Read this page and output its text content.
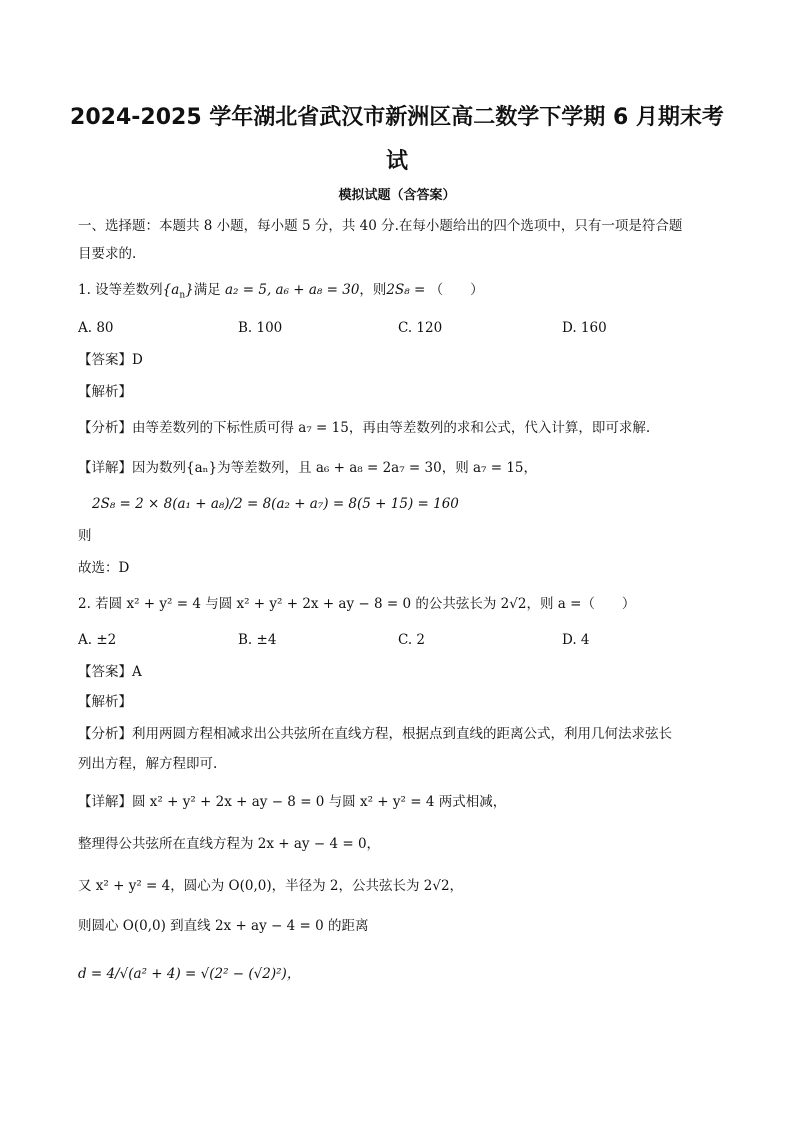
2024-2025 学年湖北省武汉市新洲区高二数学下学期 6 月期末考试
模拟试题（含答案）
一、选择题：本题共 8 小题，每小题 5 分，共 40 分.在每小题给出的四个选项中，只有一项是符合题
目要求的.
1. 设等差数列$\{a_n\}$满足 a₂ = 5, a₆ + a₈ = 30，则2S₈ = （　　）
A. 80	B. 100	C. 120	D. 160
【答案】D
【解析】
【分析】由等差数列的下标性质可得 a₇ = 15，再由等差数列的求和公式，代入计算，即可求解.
【详解】因为数列{aₙ}为等差数列，且 a₆ + a₈ = 2a₇ = 30，则 a₇ = 15，
2S₈ = 2 × 8(a₁ + a₈)/2 = 8(a₂ + a₇) = 8(5 + 15) = 160
则
故选：D
2. 若圆 x² + y² = 4 与圆 x² + y² + 2x + ay − 8 = 0 的公共弦长为 2√2，则 a =（　　）
A. ±2	B. ±4	C. 2	D. 4
【答案】A
【解析】
【分析】利用两圆方程相减求出公共弦所在直线方程，根据点到直线的距离公式，利用几何法求弦长
列出方程，解方程即可.
【详解】圆 x² + y² + 2x + ay − 8 = 0 与圆 x² + y² = 4 两式相减，
整理得公共弦所在直线方程为 2x + ay − 4 = 0，
又 x² + y² = 4，圆心为 O(0,0)，半径为 2，公共弦长为 2√2，
则圆心 O(0,0) 到直线 2x + ay − 4 = 0 的距离
d = 4/√(a² + 4) = √(2² − (√2)²)，
